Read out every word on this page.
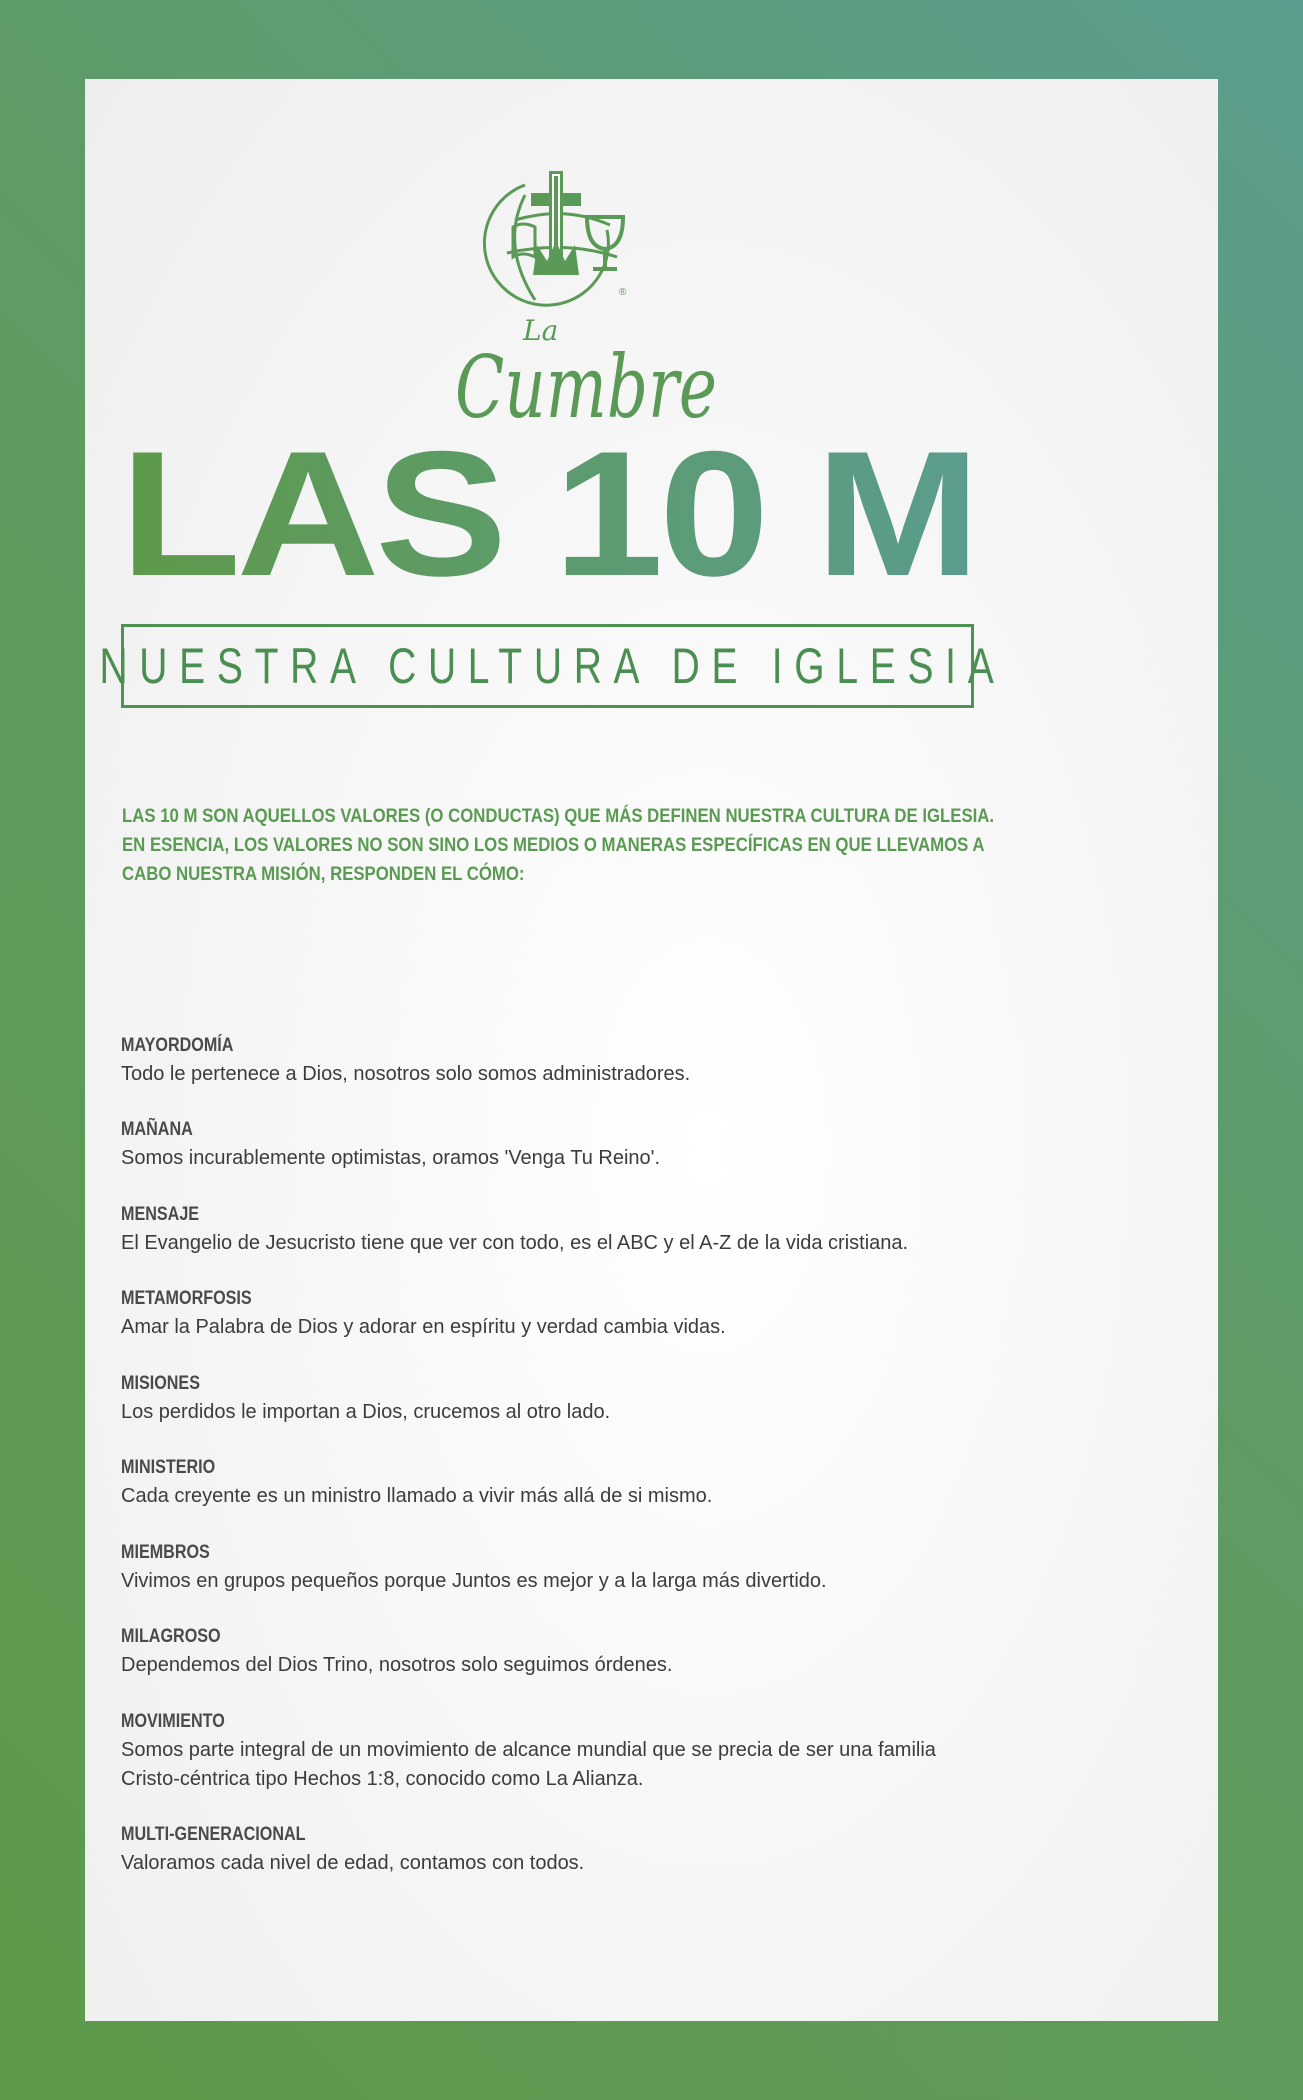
®
La
Cumbre
LAS 10 M
NUESTRA CULTURA DE IGLESIA
LAS 10 M SON AQUELLOS VALORES (O CONDUCTAS) QUE MÁS DEFINEN NUESTRA CULTURA DE IGLESIA.
EN ESENCIA, LOS VALORES NO SON SINO LOS MEDIOS O MANERAS ESPECÍFICAS EN QUE LLEVAMOS A
CABO NUESTRA MISIÓN, RESPONDEN EL CÓMO:
MAYORDOMÍA
Todo le pertenece a Dios, nosotros solo somos administradores.
MAÑANA
Somos incurablemente optimistas, oramos 'Venga Tu Reino'.
MENSAJE
El Evangelio de Jesucristo tiene que ver con todo, es el ABC y el A-Z de la vida cristiana.
METAMORFOSIS
Amar la Palabra de Dios y adorar en espíritu y verdad cambia vidas.
MISIONES
Los perdidos le importan a Dios, crucemos al otro lado.
MINISTERIO
Cada creyente es un ministro llamado a vivir más allá de si mismo.
MIEMBROS
Vivimos en grupos pequeños porque Juntos es mejor y a la larga más divertido.
MILAGROSO
Dependemos del Dios Trino, nosotros solo seguimos órdenes.
MOVIMIENTO
Somos parte integral de un movimiento de alcance mundial que se precia de ser una familia
Cristo-céntrica tipo Hechos 1:8, conocido como La Alianza.
MULTI-GENERACIONAL
Valoramos cada nivel de edad, contamos con todos.
